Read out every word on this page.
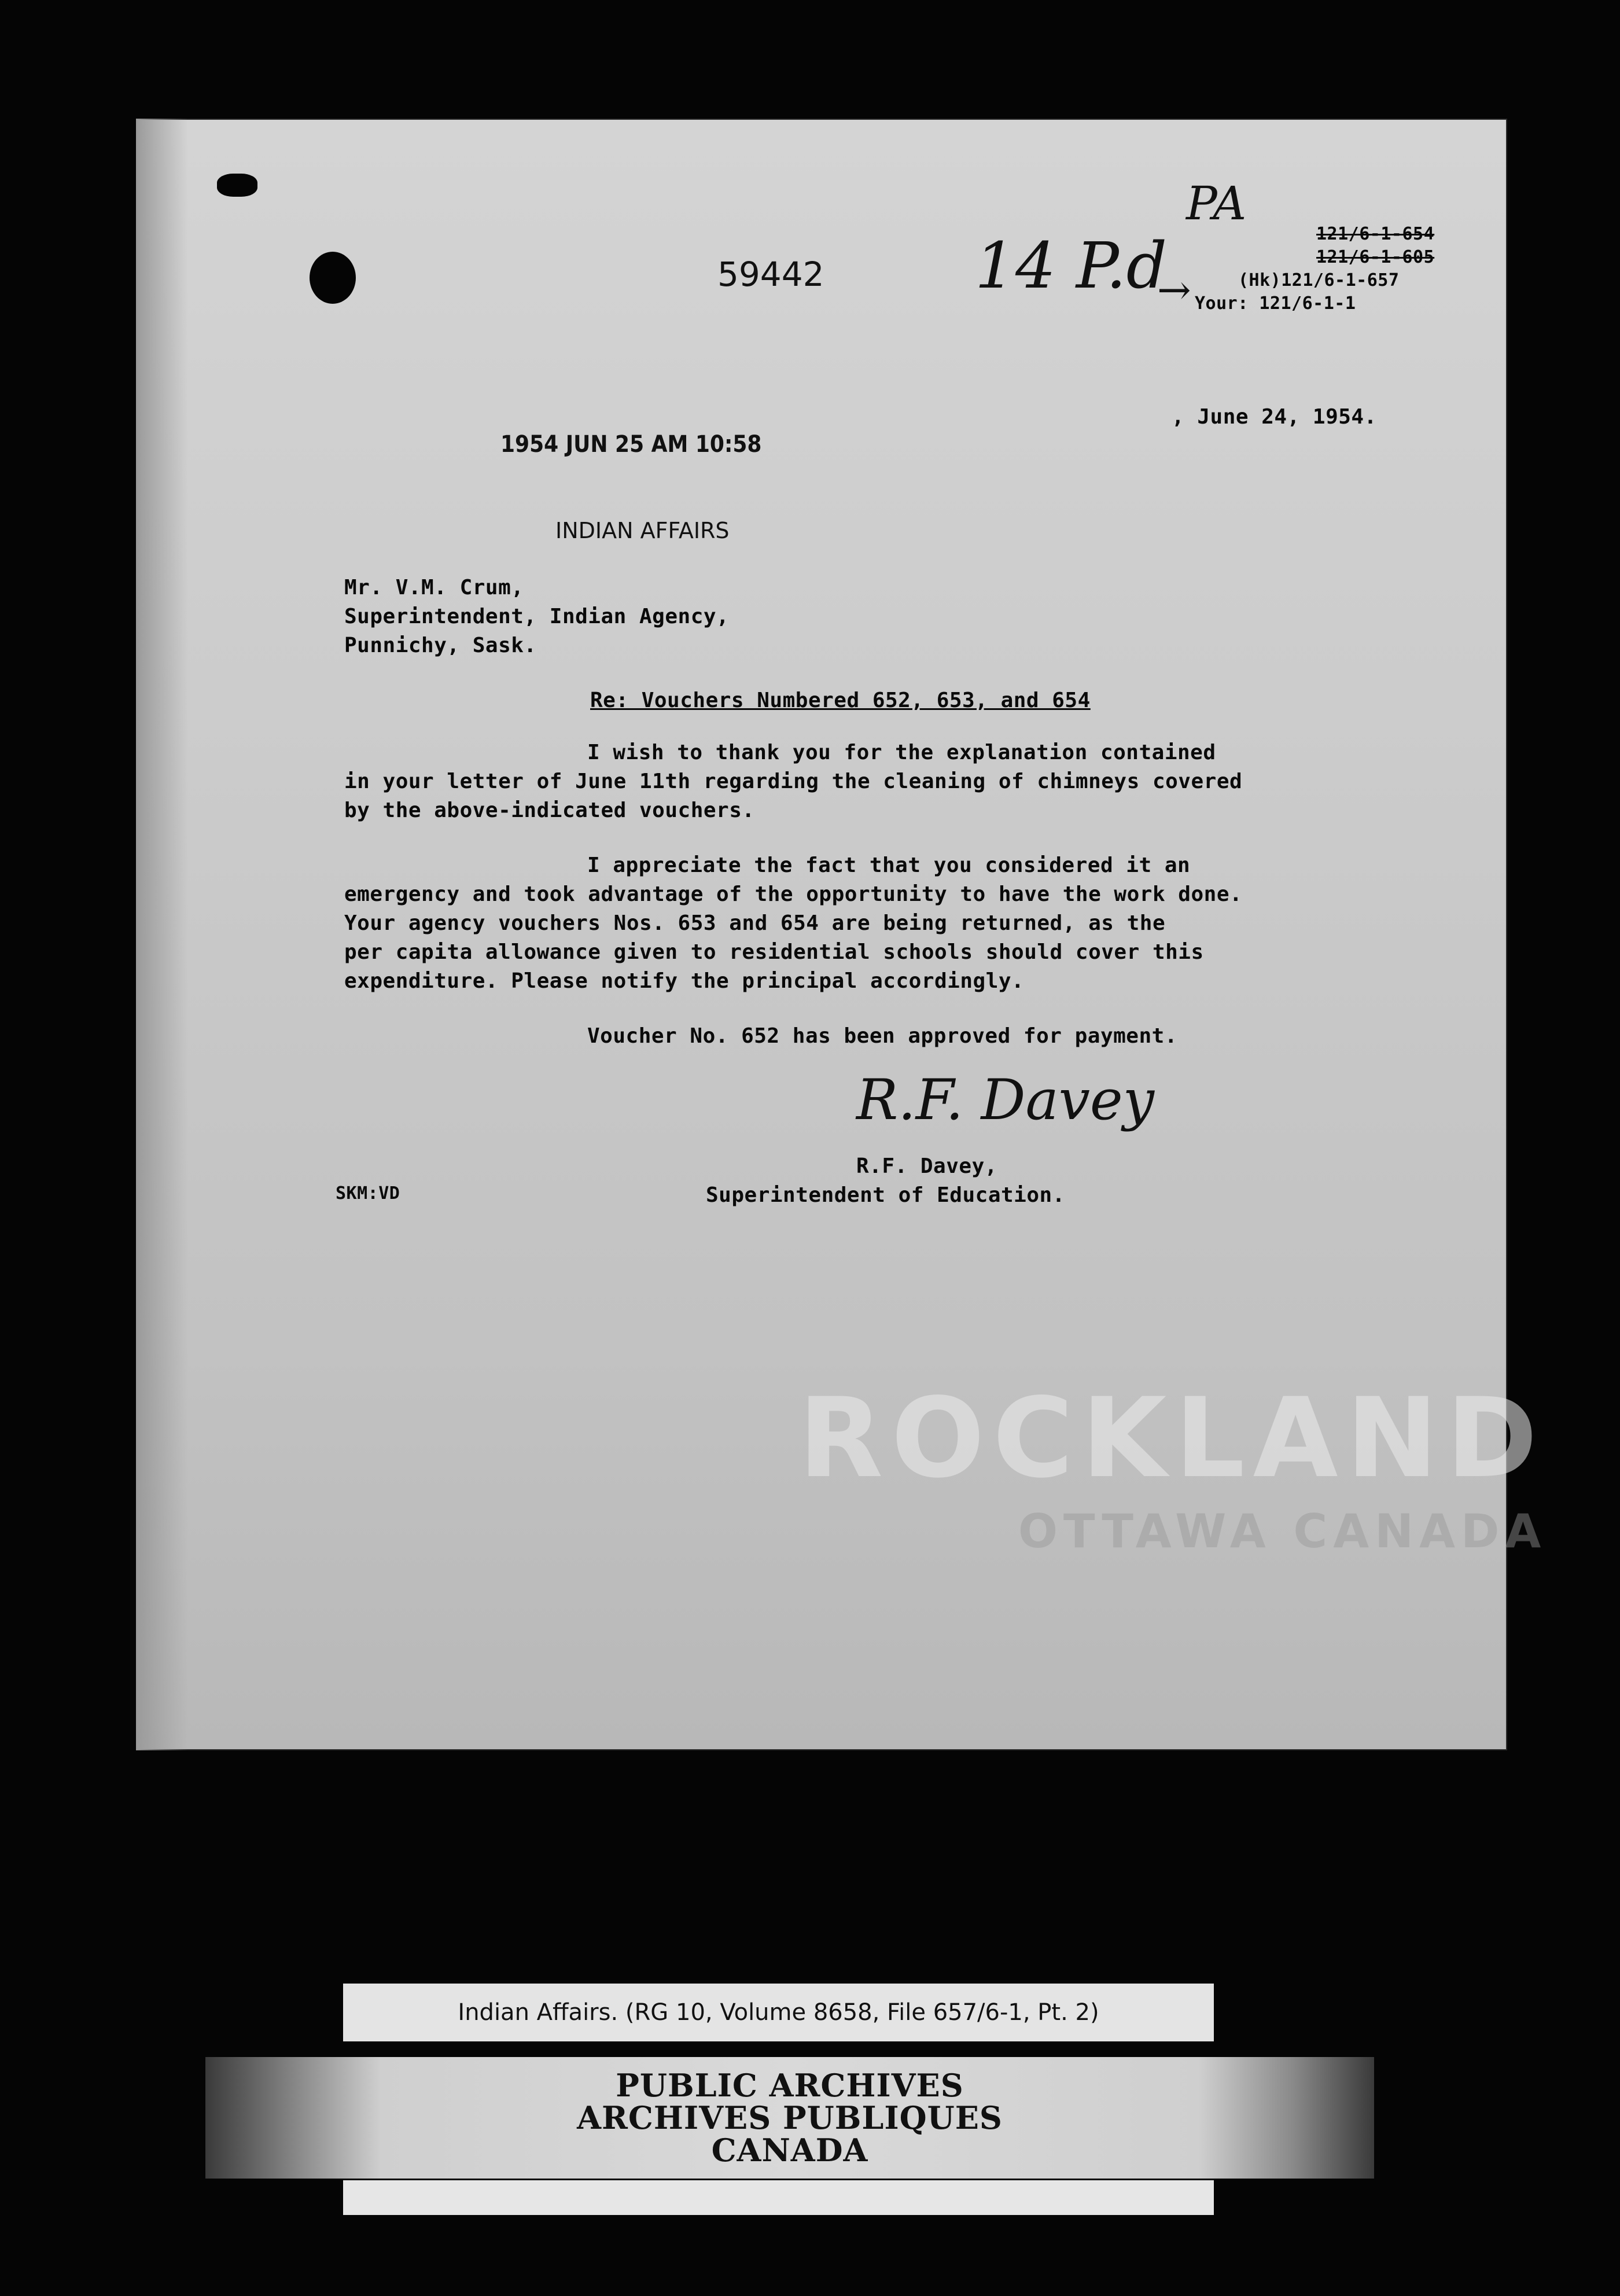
59442 14 P.d
PA
→
121/6-1-654
121/6-1-605
(Hk)121/6-1-657
Your: 121/6-1-1
, June 24, 1954.
1954 JUN 25 AM 10:58
INDIAN AFFAIRS
Mr. V.M. Crum,
Superintendent, Indian Agency,
Punnichy, Sask.
Re: Vouchers Numbered 652, 653, and 654
I wish to thank you for the explanation contained
in your letter of June 11th regarding the cleaning of chimneys covered
by the above-indicated vouchers.
I appreciate the fact that you considered it an
emergency and took advantage of the opportunity to have the work done.
Your agency vouchers Nos. 653 and 654 are being returned, as the
per capita allowance given to residential schools should cover this
expenditure. Please notify the principal accordingly.
Voucher No. 652 has been approved for payment.
R.F. Davey
R.F. Davey,
Superintendent of Education.
SKM:VD
ROCKLAND
OTTAWA CANADA
Indian Affairs. (RG 10, Volume 8658, File 657/6-1, Pt. 2)
PUBLIC ARCHIVES
ARCHIVES PUBLIQUES
CANADA
